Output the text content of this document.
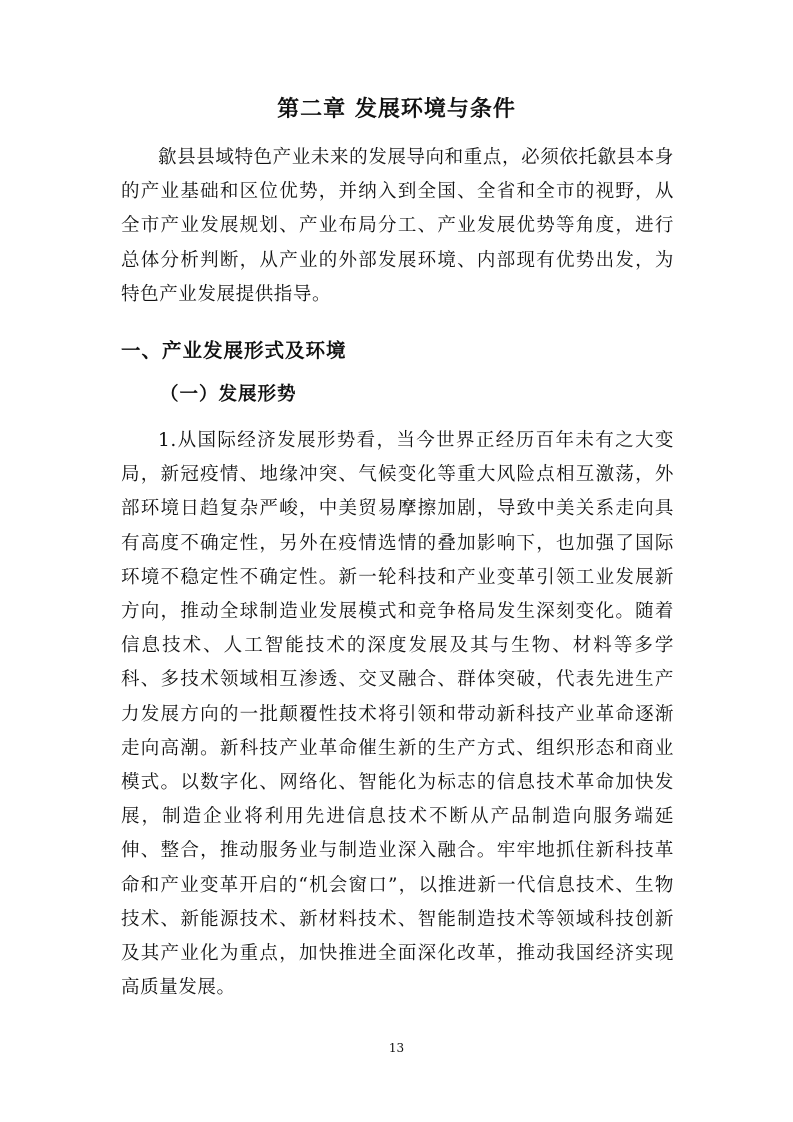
第二章 发展环境与条件

歙县县域特色产业未来的发展导向和重点，必须依托歙县本身的产业基础和区位优势，并纳入到全国、全省和全市的视野，从全市产业发展规划、产业布局分工、产业发展优势等角度，进行总体分析判断，从产业的外部发展环境、内部现有优势出发，为特色产业发展提供指导。

一、产业发展形式及环境
（一）发展形势

1.从国际经济发展形势看，当今世界正经历百年未有之大变局，新冠疫情、地缘冲突、气候变化等重大风险点相互激荡，外部环境日趋复杂严峻，中美贸易摩擦加剧，导致中美关系走向具有高度不确定性，另外在疫情选情的叠加影响下，也加强了国际环境不稳定性不确定性。新一轮科技和产业变革引领工业发展新方向，推动全球制造业发展模式和竞争格局发生深刻变化。随着信息技术、人工智能技术的深度发展及其与生物、材料等多学科、多技术领域相互渗透、交叉融合、群体突破，代表先进生产力发展方向的一批颠覆性技术将引领和带动新科技产业革命逐渐走向高潮。新科技产业革命催生新的生产方式、组织形态和商业模式。以数字化、网络化、智能化为标志的信息技术革命加快发展，制造企业将利用先进信息技术不断从产品制造向服务端延伸、整合，推动服务业与制造业深入融合。牢牢地抓住新科技革命和产业变革开启的“机会窗口”，以推进新一代信息技术、生物技术、新能源技术、新材料技术、智能制造技术等领域科技创新及其产业化为重点，加快推进全面深化改革，推动我国经济实现高质量发展。

13
